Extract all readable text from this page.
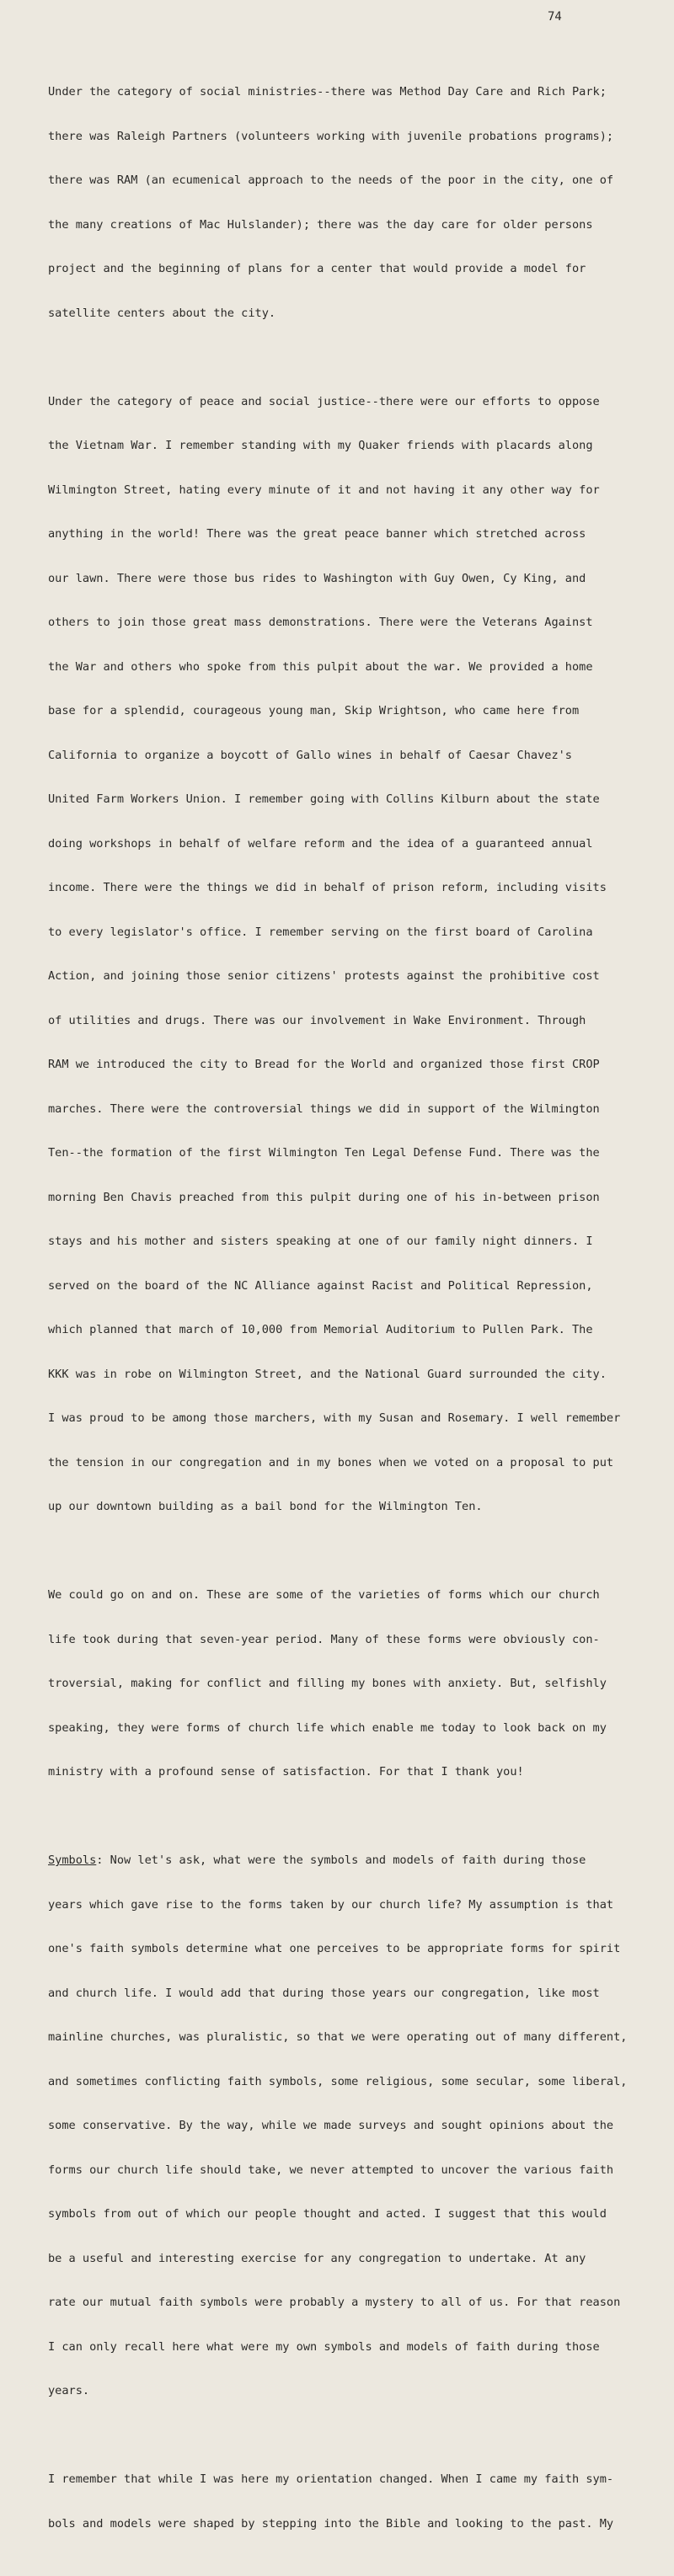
74

Under the category of social ministries--there was Method Day Care and Rich Park;

there was Raleigh Partners (volunteers working with juvenile probations programs);

there was RAM (an ecumenical approach to the needs of the poor in the city, one of

the many creations of Mac Hulslander); there was the day care for older persons

project and the beginning of plans for a center that would provide a model for

satellite centers about the city.

Under the category of peace and social justice--there were our efforts to oppose

the Vietnam War. I remember standing with my Quaker friends with placards along

Wilmington Street, hating every minute of it and not having it any other way for

anything in the world! There was the great peace banner which stretched across

our lawn. There were those bus rides to Washington with Guy Owen, Cy King, and

others to join those great mass demonstrations. There were the Veterans Against

the War and others who spoke from this pulpit about the war. We provided a home

base for a splendid, courageous young man, Skip Wrightson, who came here from

California to organize a boycott of Gallo wines in behalf of Caesar Chavez's

United Farm Workers Union. I remember going with Collins Kilburn about the state

doing workshops in behalf of welfare reform and the idea of a guaranteed annual

income. There were the things we did in behalf of prison reform, including visits

to every legislator's office. I remember serving on the first board of Carolina

Action, and joining those senior citizens' protests against the prohibitive cost

of utilities and drugs. There was our involvement in Wake Environment. Through

RAM we introduced the city to Bread for the World and organized those first CROP

marches. There were the controversial things we did in support of the Wilmington

Ten--the formation of the first Wilmington Ten Legal Defense Fund. There was the

morning Ben Chavis preached from this pulpit during one of his in-between prison

stays and his mother and sisters speaking at one of our family night dinners. I

served on the board of the NC Alliance against Racist and Political Repression,

which planned that march of 10,000 from Memorial Auditorium to Pullen Park. The

KKK was in robe on Wilmington Street, and the National Guard surrounded the city.

I was proud to be among those marchers, with my Susan and Rosemary. I well remember

the tension in our congregation and in my bones when we voted on a proposal to put

up our downtown building as a bail bond for the Wilmington Ten.

We could go on and on. These are some of the varieties of forms which our church

life took during that seven-year period. Many of these forms were obviously con-

troversial, making for conflict and filling my bones with anxiety. But, selfishly

speaking, they were forms of church life which enable me today to look back on my

ministry with a profound sense of satisfaction. For that I thank you!

Symbols: Now let's ask, what were the symbols and models of faith during those

years which gave rise to the forms taken by our church life? My assumption is that

one's faith symbols determine what one perceives to be appropriate forms for spirit

and church life. I would add that during those years our congregation, like most

mainline churches, was pluralistic, so that we were operating out of many different,

and sometimes conflicting faith symbols, some religious, some secular, some liberal,

some conservative. By the way, while we made surveys and sought opinions about the

forms our church life should take, we never attempted to uncover the various faith

symbols from out of which our people thought and acted. I suggest that this would

be a useful and interesting exercise for any congregation to undertake. At any

rate our mutual faith symbols were probably a mystery to all of us. For that reason

I can only recall here what were my own symbols and models of faith during those

years.

I remember that while I was here my orientation changed. When I came my faith sym-

bols and models were shaped by stepping into the Bible and looking to the past. My
